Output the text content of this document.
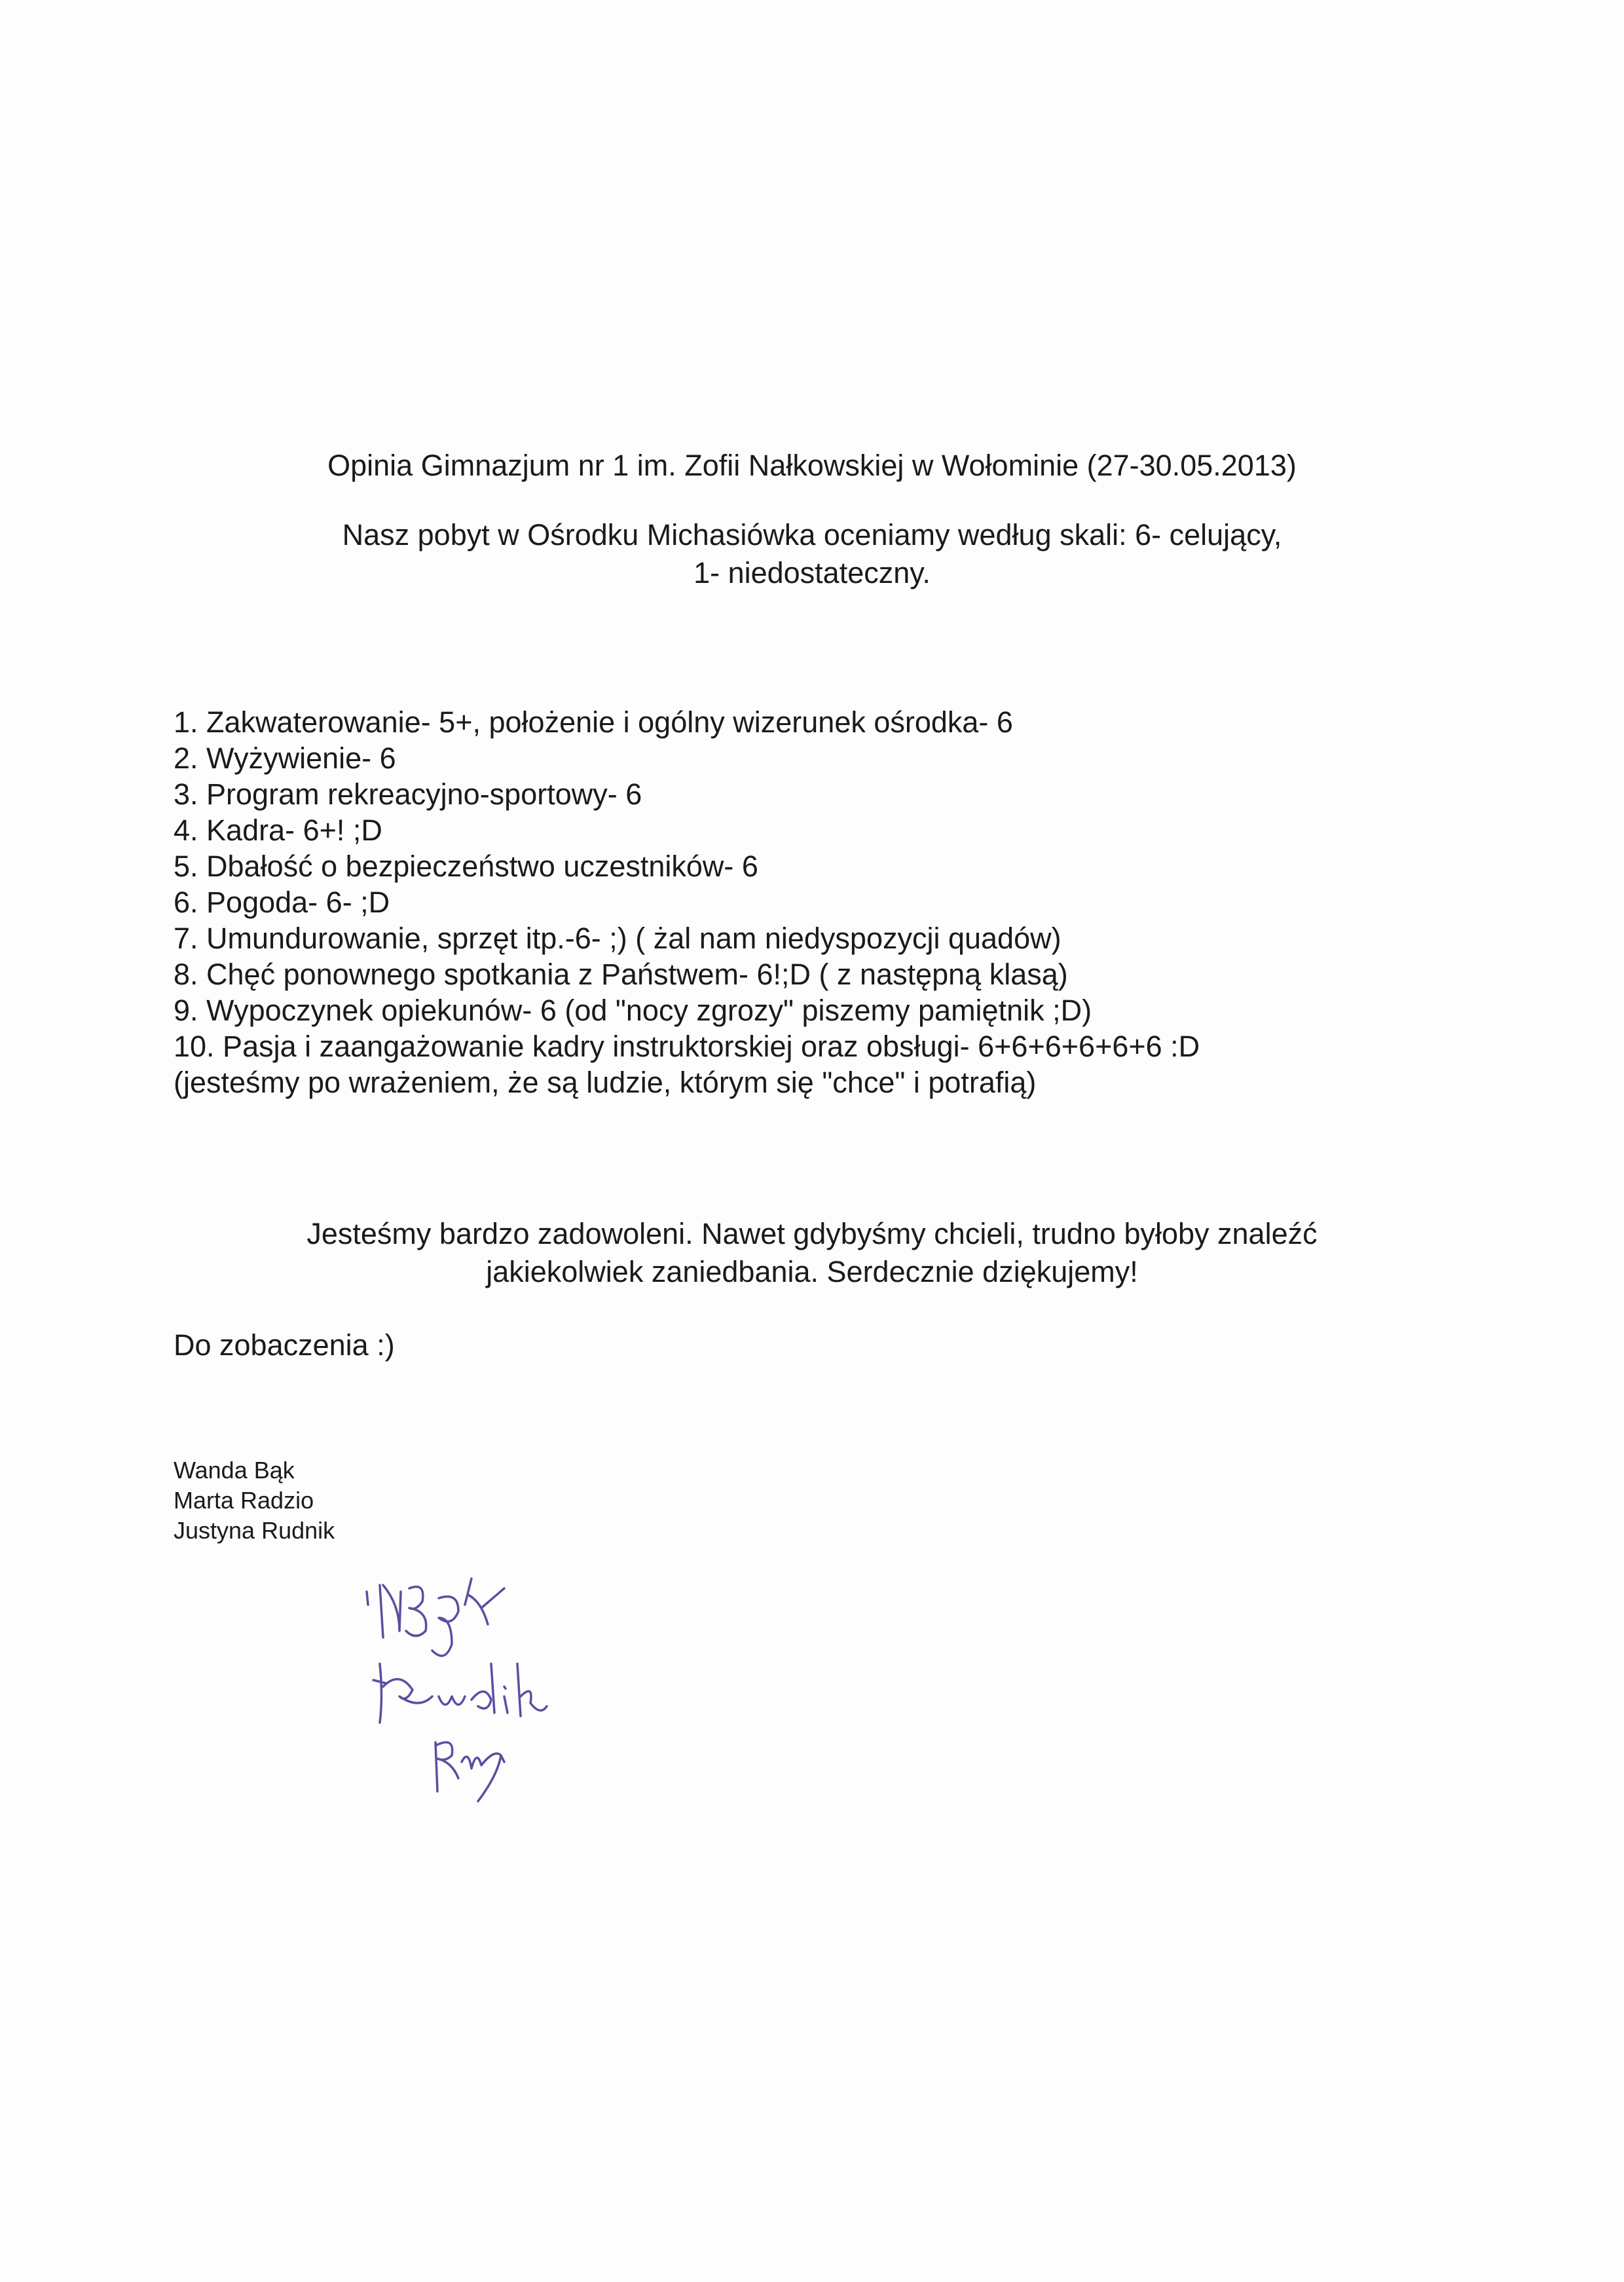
Opinia Gimnazjum nr 1 im. Zofii Nałkowskiej w Wołominie (27-30.05.2013)
Nasz pobyt w Ośrodku Michasiówka oceniamy według skali: 6- celujący,
1- niedostateczny.
1. Zakwaterowanie- 5+, położenie i ogólny wizerunek ośrodka- 6
2. Wyżywienie- 6
3. Program rekreacyjno-sportowy- 6
4. Kadra- 6+! ;D
5. Dbałość o bezpieczeństwo uczestników- 6
6. Pogoda- 6- ;D
7. Umundurowanie, sprzęt itp.-6- ;) ( żal nam niedyspozycji quadów)
8. Chęć ponownego spotkania z Państwem- 6!;D ( z następną klasą)
9. Wypoczynek opiekunów- 6 (od "nocy zgrozy" piszemy pamiętnik ;D)
10. Pasja i zaangażowanie kadry instruktorskiej oraz obsługi- 6+6+6+6+6+6 :D
(jesteśmy po wrażeniem, że są ludzie, którym się "chce" i potrafią)
Jesteśmy bardzo zadowoleni. Nawet gdybyśmy chcieli, trudno byłoby znaleźć
jakiekolwiek zaniedbania. Serdecznie dziękujemy!
Do zobaczenia :)
Wanda Bąk
Marta Radzio
Justyna Rudnik
